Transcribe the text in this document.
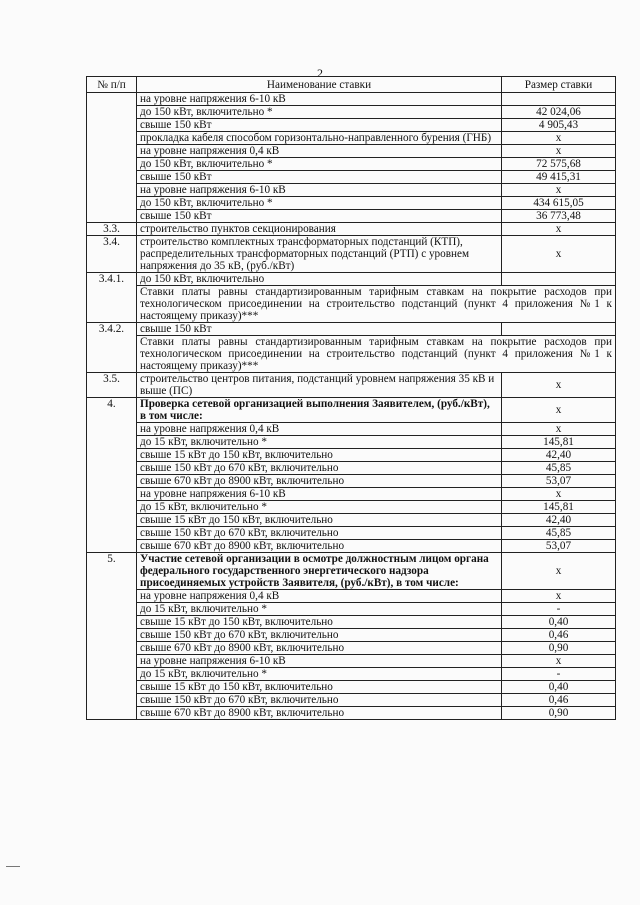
2
№ п/п	Наименование ставки	Размер ставки
	на уровне напряжения 6-10 кВ	
	до 150 кВт, включительно *	42 024,06
	свыше 150 кВт	4 905,43
	прокладка кабеля способом горизонтально-направленного бурения (ГНБ)	х
	на уровне напряжения 0,4 кВ	х
	до 150 кВт, включительно *	72 575,68
	свыше 150 кВт	49 415,31
	на уровне напряжения 6-10 кВ	х
	до 150 кВт, включительно *	434 615,05
	свыше 150 кВт	36 773,48
3.3.	строительство пунктов секционирования	х
3.4.	строительство комплектных трансформаторных подстанций (КТП), распределительных трансформаторных подстанций (РТП) с уровнем напряжения до 35 кВ, (руб./кВт)	х
3.4.1.	до 150 кВт, включительно	
	Ставки платы равны стандартизированным тарифным ставкам на покрытие расходов при технологическом присоединении на строительство подстанций (пункт 4 приложения №1 к настоящему приказу)***	
3.4.2.	свыше 150 кВт	
	Ставки платы равны стандартизированным тарифным ставкам на покрытие расходов при технологическом присоединении на строительство подстанций (пункт 4 приложения №1 к настоящему приказу)***	
3.5.	строительство центров питания, подстанций уровнем напряжения 35 кВ и выше (ПС)	х
4.	Проверка сетевой организацией выполнения Заявителем, (руб./кВт), в том числе:	х
	на уровне напряжения 0,4 кВ	х
	до 15 кВт, включительно *	145,81
	свыше 15 кВт до 150 кВт, включительно	42,40
	свыше 150 кВт до 670 кВт, включительно	45,85
	свыше 670 кВт до 8900 кВт, включительно	53,07
	на уровне напряжения 6-10 кВ	х
	до 15 кВт, включительно *	145,81
	свыше 15 кВт до 150 кВт, включительно	42,40
	свыше 150 кВт до 670 кВт, включительно	45,85
	свыше 670 кВт до 8900 кВт, включительно	53,07
5.	Участие сетевой организации в осмотре должностным лицом органа федерального государственного энергетического надзора присоединяемых устройств Заявителя, (руб./кВт), в том числе:	х
	на уровне напряжения 0,4 кВ	х
	до 15 кВт, включительно *	-
	свыше 15 кВт до 150 кВт, включительно	0,40
	свыше 150 кВт до 670 кВт, включительно	0,46
	свыше 670 кВт до 8900 кВт, включительно	0,90
	на уровне напряжения 6-10 кВ	х
	до 15 кВт, включительно *	-
	свыше 15 кВт до 150 кВт, включительно	0,40
	свыше 150 кВт до 670 кВт, включительно	0,46
	свыше 670 кВт до 8900 кВт, включительно	0,90
